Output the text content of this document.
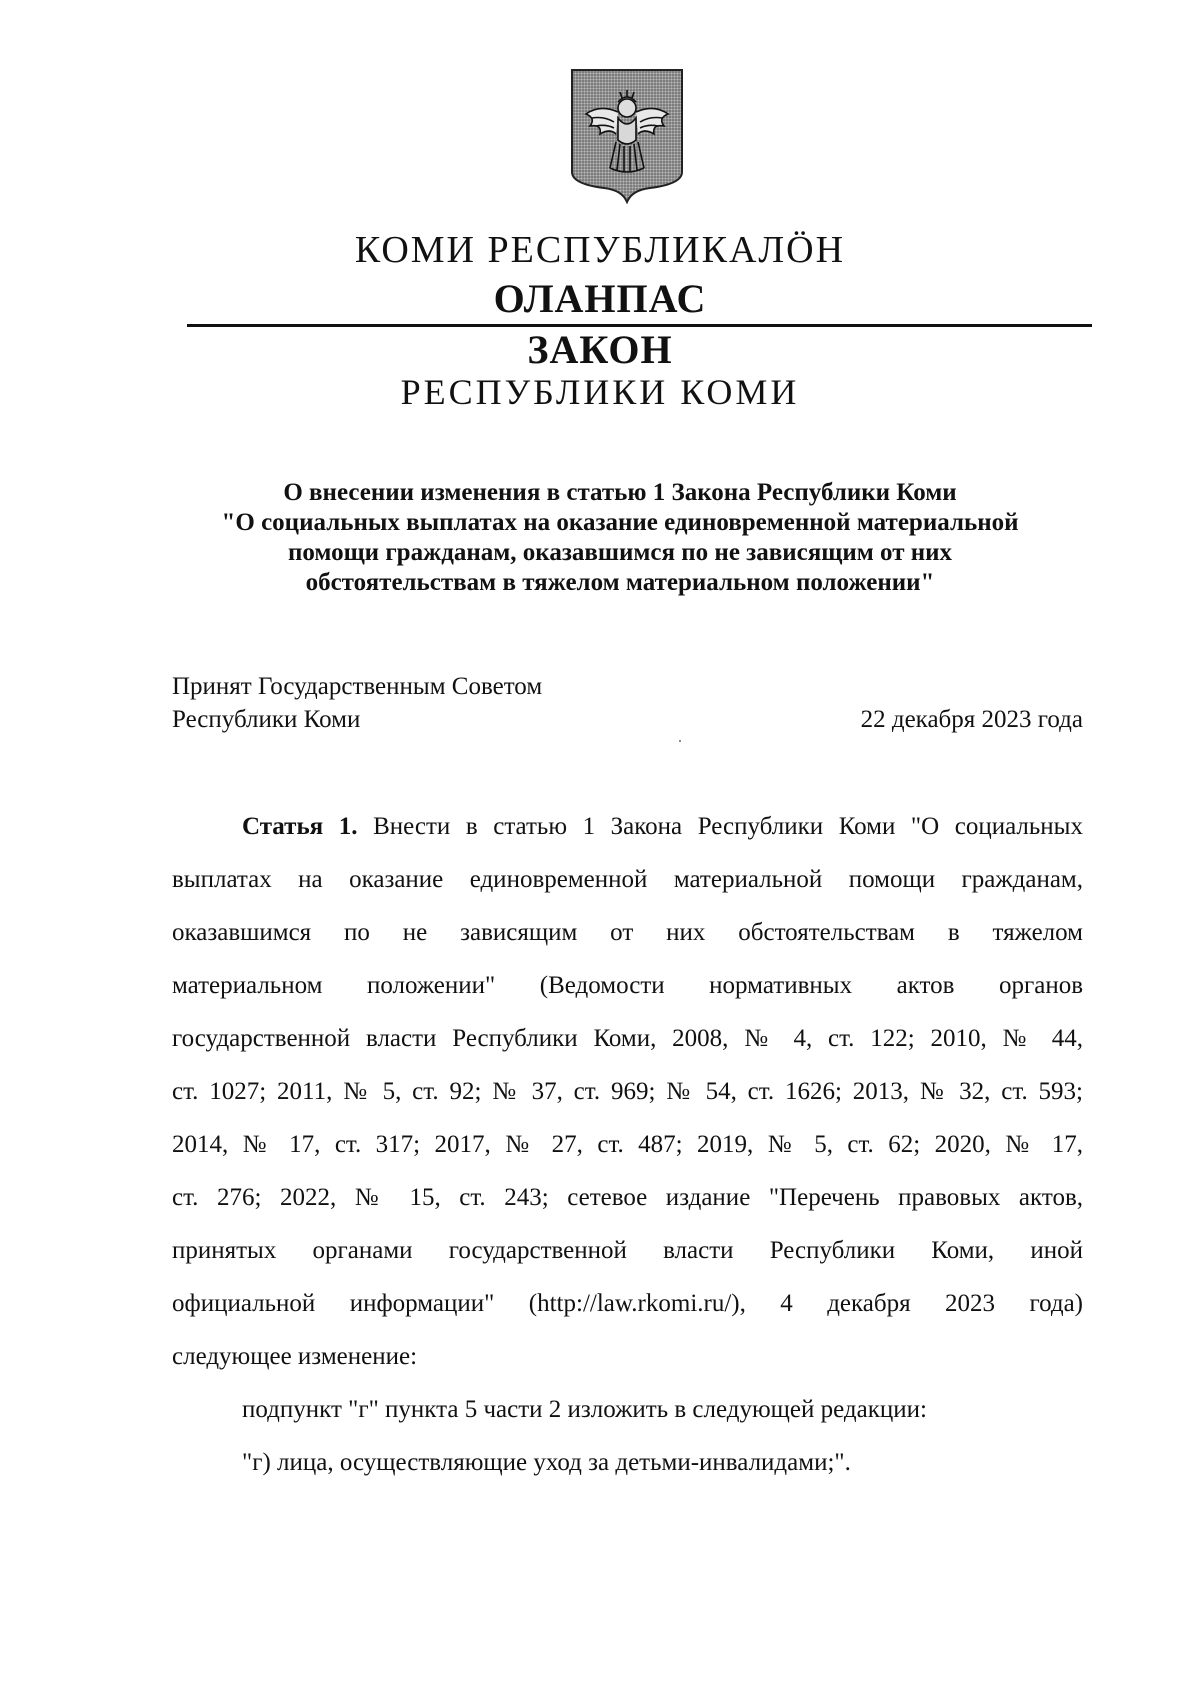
КОМИ РЕСПУБЛИКАЛÖН
ОЛАНПАС
ЗАКОН
РЕСПУБЛИКИ КОМИ
О внесении изменения в статью 1 Закона Республики Коми
"О социальных выплатах на оказание единовременной материальной
помощи гражданам, оказавшимся по не зависящим от них
обстоятельствам в тяжелом материальном положении"
Принят Государственным Советом
Республики Коми	22 декабря 2023 года
Статья 1. Внести в статью 1 Закона Республики Коми "О социальных
выплатах на оказание единовременной материальной помощи гражданам,
оказавшимся по не зависящим от них обстоятельствам в тяжелом
материальном положении" (Ведомости нормативных актов органов
государственной власти Республики Коми, 2008, № 4, ст. 122; 2010, № 44,
ст. 1027; 2011, № 5, ст. 92; № 37, ст. 969; № 54, ст. 1626; 2013, № 32, ст. 593;
2014, № 17, ст. 317; 2017, № 27, ст. 487; 2019, № 5, ст. 62; 2020, № 17,
ст. 276; 2022, № 15, ст. 243; сетевое издание "Перечень правовых актов,
принятых органами государственной власти Республики Коми, иной
официальной информации" (http://law.rkomi.ru/), 4 декабря 2023 года)
следующее изменение:
подпункт "г" пункта 5 части 2 изложить в следующей редакции:
"г) лица, осуществляющие уход за детьми-инвалидами;".
